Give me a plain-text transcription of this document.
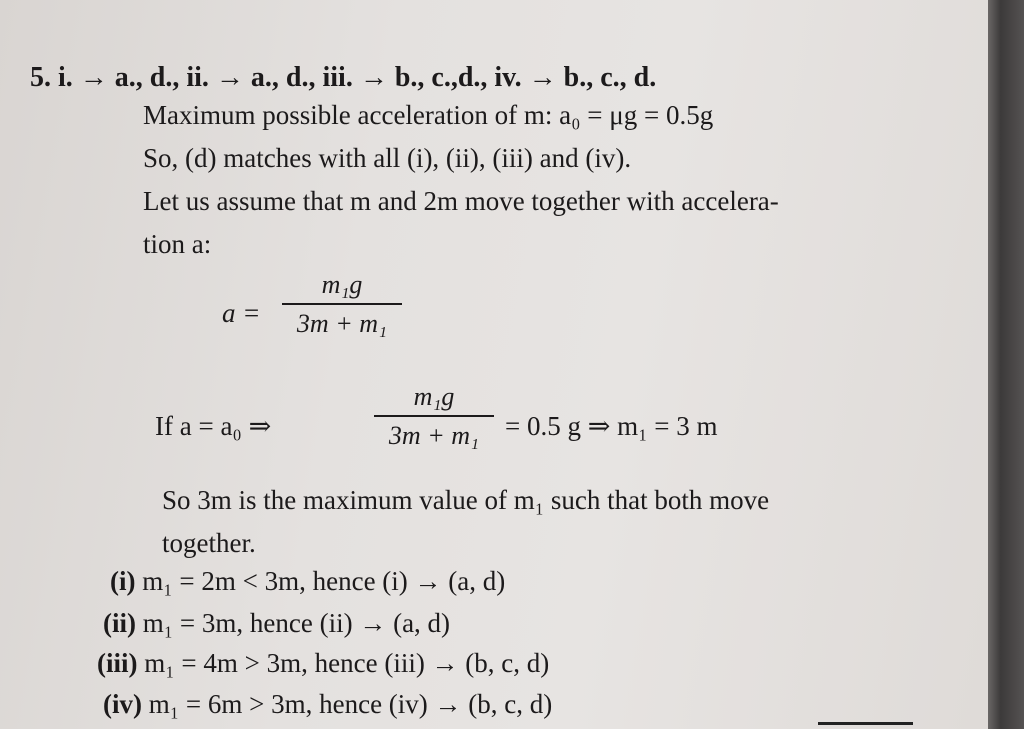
5. i. → a., d., ii. → a., d., iii. → b., c.,d., iv. → b., c., d.
Maximum possible acceleration of m: a₀ = μg = 0.5g
So, (d) matches with all (i), (ii), (iii) and (iv).
Let us assume that m and 2m move together with accelera-
tion a:
a =
m₁g
3m + m₁
If a = a₀ ⇒
m₁g
3m + m₁ = 0.5 g ⇒ m₁ = 3 m
So 3m is the maximum value of m₁ such that both move
together.
(i) m₁ = 2m < 3m, hence (i) → (a, d)
(ii) m₁ = 3m, hence (ii) → (a, d)
(iii) m₁ = 4m > 3m, hence (iii) → (b, c, d)
(iv) m₁ = 6m > 3m, hence (iv) → (b, c, d)
